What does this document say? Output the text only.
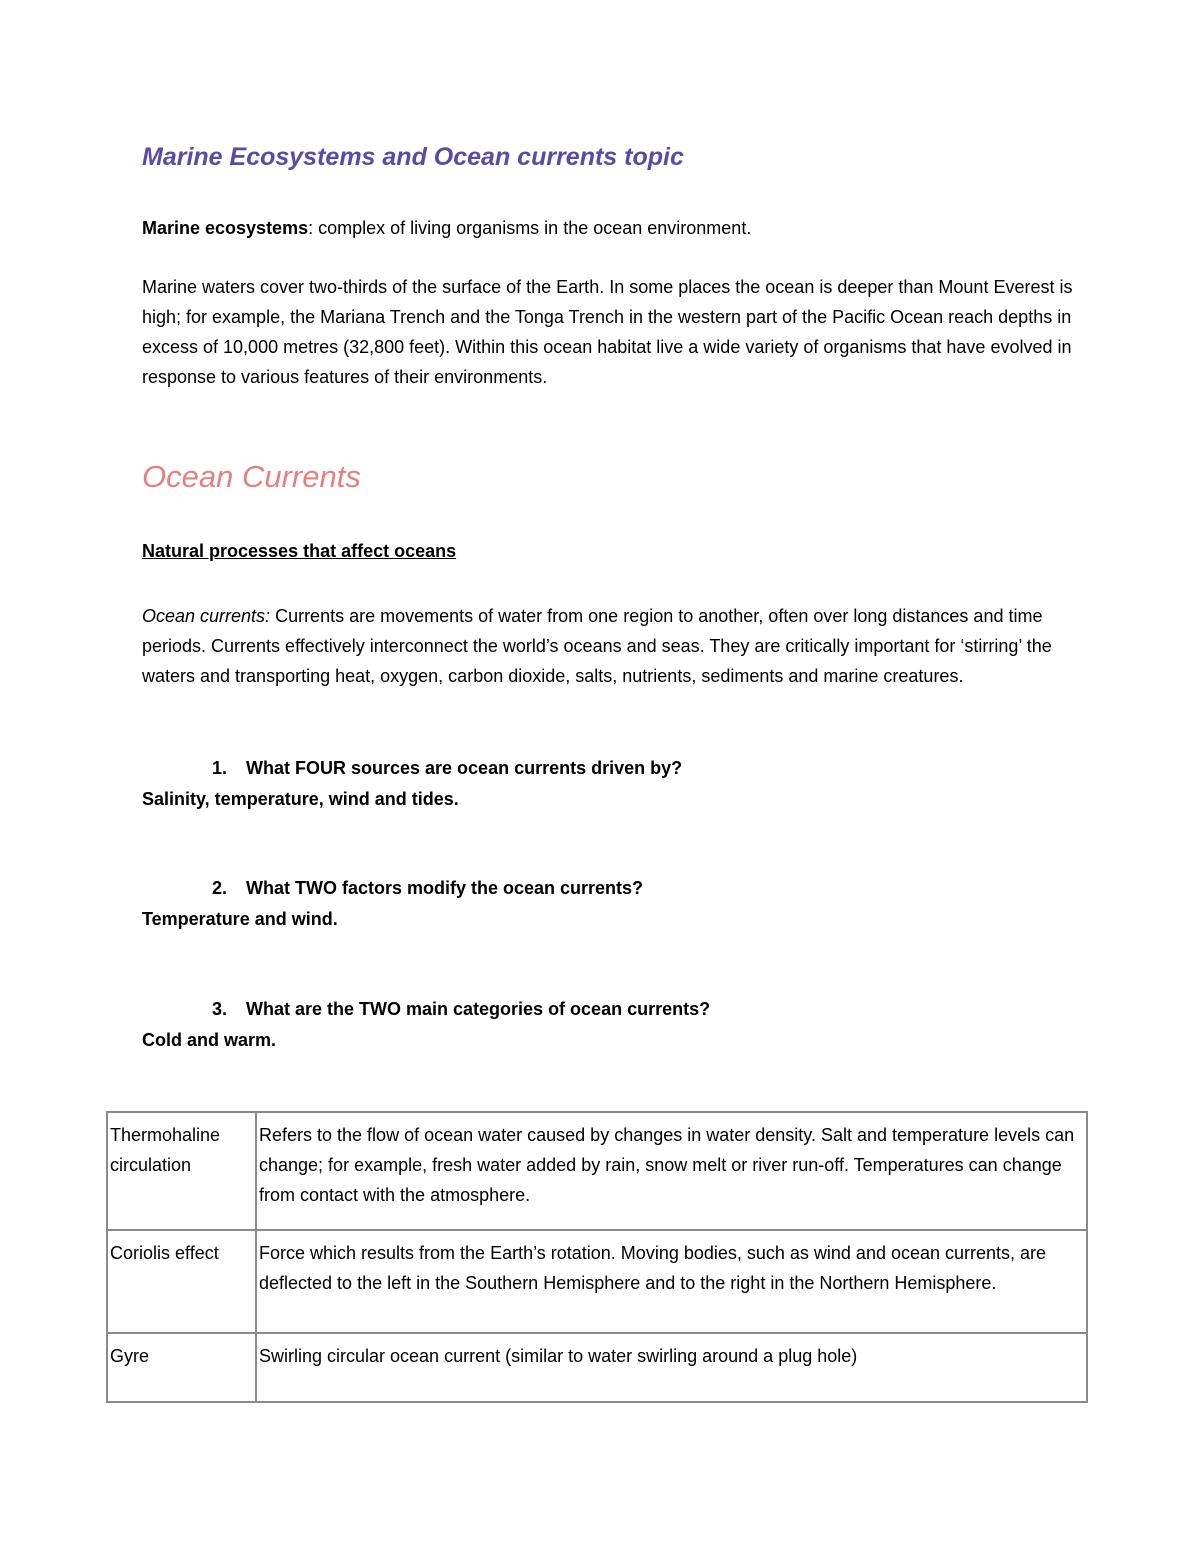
Marine Ecosystems and Ocean currents topic
Marine ecosystems: complex of living organisms in the ocean environment.
Marine waters cover two-thirds of the surface of the Earth. In some places the ocean is deeper than Mount Everest is high; for example, the Mariana Trench and the Tonga Trench in the western part of the Pacific Ocean reach depths in excess of 10,000 metres (32,800 feet). Within this ocean habitat live a wide variety of organisms that have evolved in response to various features of their environments.
Ocean Currents
Natural processes that affect oceans
Ocean currents: Currents are movements of water from one region to another, often over long distances and time periods. Currents effectively interconnect the world’s oceans and seas. They are critically important for ‘stirring’ the waters and transporting heat, oxygen, carbon dioxide, salts, nutrients, sediments and marine creatures.
1. What FOUR sources are ocean currents driven by?
Salinity, temperature, wind and tides.
2. What TWO factors modify the ocean currents?
Temperature and wind.
3. What are the TWO main categories of ocean currents?
Cold and warm.
Thermohaline circulation	Refers to the flow of ocean water caused by changes in water density. Salt and temperature levels can change; for example, fresh water added by rain, snow melt or river run-off. Temperatures can change from contact with the atmosphere.
Coriolis effect	Force which results from the Earth’s rotation. Moving bodies, such as wind and ocean currents, are deflected to the left in the Southern Hemisphere and to the right in the Northern Hemisphere.
Gyre	Swirling circular ocean current (similar to water swirling around a plug hole)
